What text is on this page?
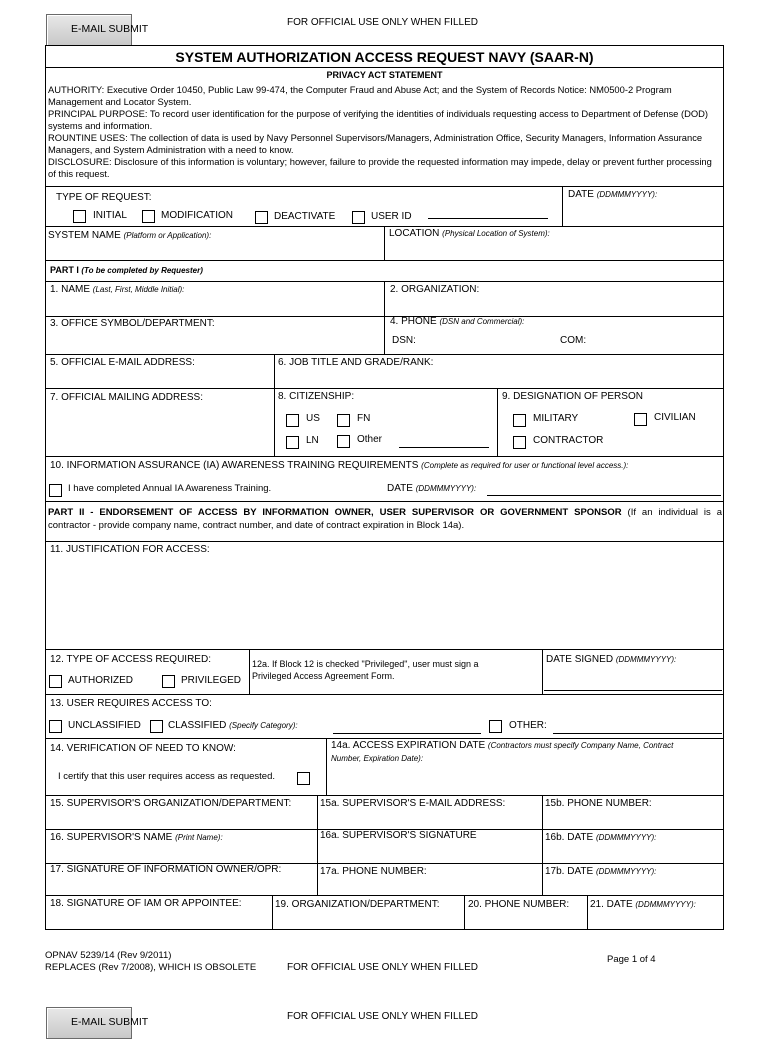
E-MAIL SUBMIT
FOR OFFICIAL USE ONLY WHEN FILLED
SYSTEM AUTHORIZATION ACCESS REQUEST NAVY (SAAR-N)
PRIVACY ACT STATEMENT
AUTHORITY: Executive Order 10450, Public Law 99-474, the Computer Fraud and Abuse Act; and the System of Records Notice: NM0500-2 Program Management and Locator System.
PRINCIPAL PURPOSE: To record user identification for the purpose of verifying the identities of individuals requesting access to Department of Defense (DOD) systems and information.
ROUNTINE USES: The collection of data is used by Navy Personnel Supervisors/Managers, Administration Office, Security Managers, Information Assurance Managers, and System Administration with a need to know.
DISCLOSURE: Disclosure of this information is voluntary; however, failure to provide the requested information may impede, delay or prevent further processing of this request.
TYPE OF REQUEST:
INITIAL	MODIFICATION	DEACTIVATE	USER ID
DATE (DDMMMYYYY):
SYSTEM NAME (Platform or Application):	LOCATION (Physical Location of System):
PART I (To be completed by Requester)
1. NAME (Last, First, Middle Initial):	2. ORGANIZATION:
3. OFFICE SYMBOL/DEPARTMENT:	4. PHONE (DSN and Commercial):
DSN:	COM:
5. OFFICIAL E-MAIL ADDRESS:	6. JOB TITLE AND GRADE/RANK:
7. OFFICIAL MAILING ADDRESS:	8. CITIZENSHIP:
US	FN
LN	Other
9. DESIGNATION OF PERSON
MILITARY	CIVILIAN
CONTRACTOR
10. INFORMATION ASSURANCE (IA) AWARENESS TRAINING REQUIREMENTS (Complete as required for user or functional level access.):
I have completed Annual IA Awareness Training.	DATE (DDMMMYYYY):
PART II - ENDORSEMENT OF ACCESS BY INFORMATION OWNER, USER SUPERVISOR OR GOVERNMENT SPONSOR (If an individual is a
contractor - provide company name, contract number, and date of contract expiration in Block 14a).
11. JUSTIFICATION FOR ACCESS:
12. TYPE OF ACCESS REQUIRED:
AUTHORIZED	PRIVILEGED
12a. If Block 12 is checked "Privileged", user must sign a
Privileged Access Agreement Form.
DATE SIGNED (DDMMMYYYY):
13. USER REQUIRES ACCESS TO:
UNCLASSIFIED	CLASSIFIED (Specify Category):	OTHER:
14. VERIFICATION OF NEED TO KNOW:
I certify that this user requires access as requested.
14a. ACCESS EXPIRATION DATE (Contractors must specify Company Name, Contract
Number, Expiration Date):
15. SUPERVISOR'S ORGANIZATION/DEPARTMENT:	15a. SUPERVISOR'S E-MAIL ADDRESS:	15b. PHONE NUMBER:
16. SUPERVISOR'S NAME (Print Name):	16a. SUPERVISOR'S SIGNATURE	16b. DATE (DDMMMYYYY):
17. SIGNATURE OF INFORMATION OWNER/OPR:	17a. PHONE NUMBER:	17b. DATE (DDMMMYYYY):
18. SIGNATURE OF IAM OR APPOINTEE:	19. ORGANIZATION/DEPARTMENT:	20. PHONE NUMBER: 21. DATE (DDMMMYYYY):
OPNAV 5239/14 (Rev 9/2011)
REPLACES (Rev 7/2008), WHICH IS OBSOLETE	FOR OFFICIAL USE ONLY WHEN FILLED
Page 1 of 4
E-MAIL SUBMIT	FOR OFFICIAL USE ONLY WHEN FILLED
